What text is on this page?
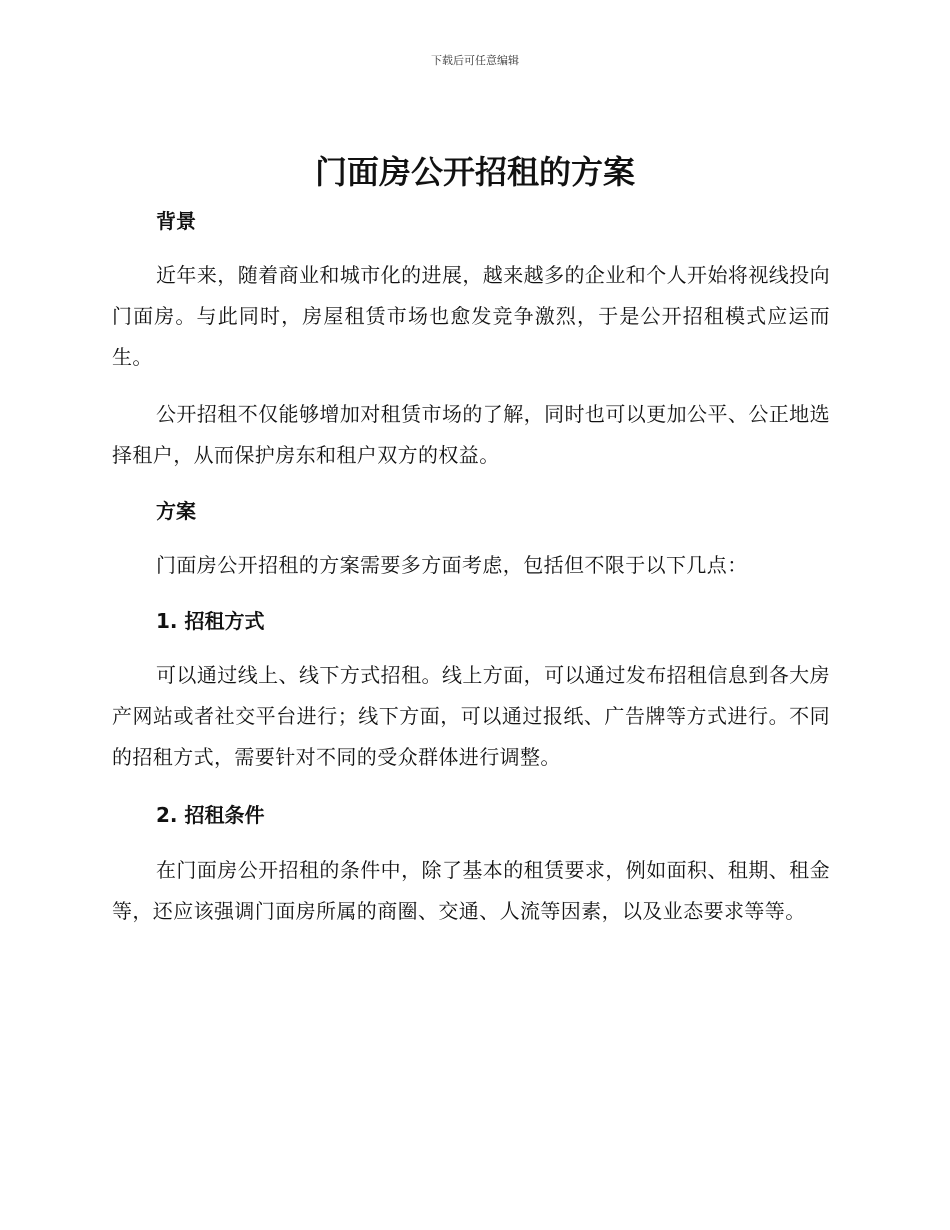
下载后可任意编辑
门面房公开招租的方案
背景

近年来，随着商业和城市化的进展，越来越多的企业和个人开始将视线投向门面房。与此同时，房屋租赁市场也愈发竞争激烈，于是公开招租模式应运而生。

公开招租不仅能够增加对租赁市场的了解，同时也可以更加公平、公正地选择租户，从而保护房东和租户双方的权益。

方案

门面房公开招租的方案需要多方面考虑，包括但不限于以下几点：

1. 招租方式

可以通过线上、线下方式招租。线上方面，可以通过发布招租信息到各大房产网站或者社交平台进行；线下方面，可以通过报纸、广告牌等方式进行。不同的招租方式，需要针对不同的受众群体进行调整。

2. 招租条件

在门面房公开招租的条件中，除了基本的租赁要求，例如面积、租期、租金等，还应该强调门面房所属的商圈、交通、人流等因素，以及业态要求等等。
